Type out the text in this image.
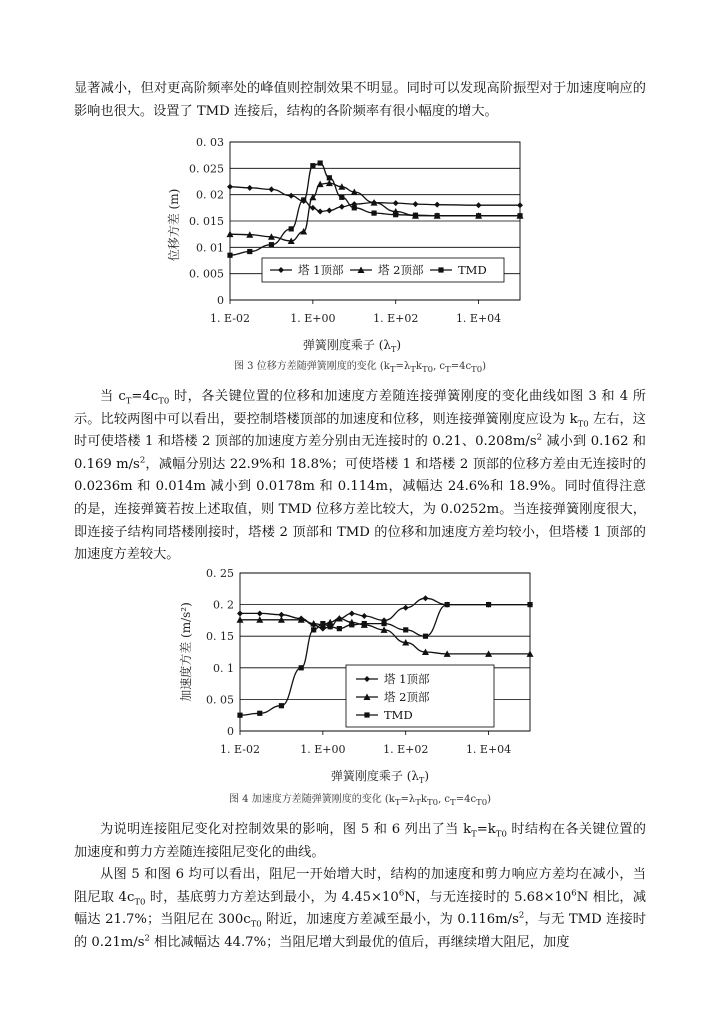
显著减小，但对更高阶频率处的峰值则控制效果不明显。同时可以发现高阶振型对于加速度响应的影响也很大。设置了 TMD 连接后，结构的各阶频率有很小幅度的增大。

0
0. 005
0. 01
0. 015
0. 02
0. 025
0. 03
1. E-02	1. E+00	1. E+02	1. E+04
塔 1顶部	塔 2顶部	TMD
位移方差 (m)
弹簧刚度乘子 $(\lambda_T)$
图 3 位移方差随弹簧刚度的变化 ($k_T=\lambda_Tk_{T0}$, $c_T=4c_{T0}$)

当 $c_T=4c_{T0}$ 时，各关键位置的位移和加速度方差随连接弹簧刚度的变化曲线如图 3 和 4 所示。比较两图中可以看出，要控制塔楼顶部的加速度和位移，则连接弹簧刚度应设为 $k_{T0}$ 左右，这时可使塔楼 1 和塔楼 2 顶部的加速度方差分别由无连接时的 0.21、$0.208m/s^2$ 减小到 0.162 和 0.169 $m/s^2$，减幅分别达 22.9%和 18.8%；可使塔楼 1 和塔楼 2 顶部的位移方差由无连接时的 0.0236m 和 0.014m 减小到 0.0178m 和 0.114m，减幅达 24.6%和 18.9%。同时值得注意的是，连接弹簧若按上述取值，则 TMD 位移方差比较大，为 0.0252m。当连接弹簧刚度很大，即连接子结构同塔楼刚接时，塔楼 2 顶部和 TMD 的位移和加速度方差均较小，但塔楼 1 顶部的加速度方差较大。

0
0. 05
0. 1
0. 15
0. 2
0. 25
1. E-02	1. E+00	1. E+02	1. E+04
塔 1顶部
塔 2顶部
TMD
加速度方差 (m/s²)
弹簧刚度乘子 $(\lambda_T)$
图 4 加速度方差随弹簧刚度的变化 ($k_T=\lambda_Tk_{T0}$, $c_T=4c_{T0}$)

为说明连接阻尼变化对控制效果的影响，图 5 和 6 列出了当 $k_T=k_{T0}$ 时结构在各关键位置的加速度和剪力方差随连接阻尼变化的曲线。

从图 5 和图 6 均可以看出，阻尼一开始增大时，结构的加速度和剪力响应方差均在减小，当阻尼取 $4c_{T0}$ 时，基底剪力方差达到最小，为 $4.45\times 10^6N$，与无连接时的 $5.68\times 10^6N$ 相比，减幅达 21.7%；当阻尼在 $300c_{T0}$ 附近，加速度方差减至最小，为 $0.116m/s^2$，与无 TMD 连接时的 $0.21m/s^2$ 相比减幅达 44.7%；当阻尼增大到最优的值后，再继续增大阻尼，加度
